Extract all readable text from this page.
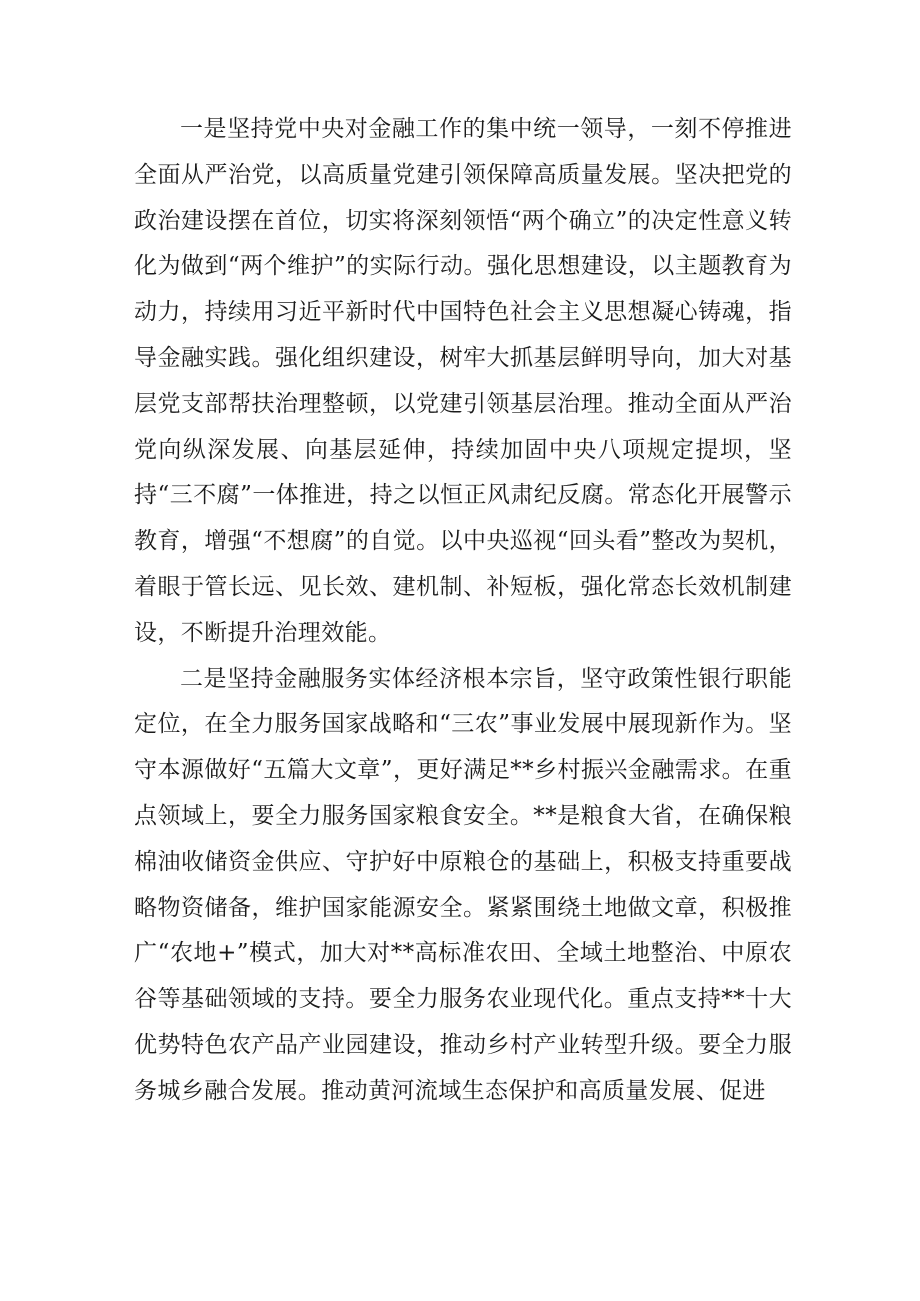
一是坚持党中央对金融工作的集中统一领导，一刻不停推进全面从严治党，以高质量党建引领保障高质量发展。坚决把党的政治建设摆在首位，切实将深刻领悟“两个确立”的决定性意义转化为做到“两个维护”的实际行动。强化思想建设，以主题教育为动力，持续用习近平新时代中国特色社会主义思想凝心铸魂，指导金融实践。强化组织建设，树牢大抓基层鲜明导向，加大对基层党支部帮扶治理整顿，以党建引领基层治理。推动全面从严治党向纵深发展、向基层延伸，持续加固中央八项规定提坝，坚持“三不腐”一体推进，持之以恒正风肃纪反腐。常态化开展警示教育，增强“不想腐”的自觉。以中央巡视“回头看”整改为契机，着眼于管长远、见长效、建机制、补短板，强化常态长效机制建设，不断提升治理效能。

二是坚持金融服务实体经济根本宗旨，坚守政策性银行职能定位，在全力服务国家战略和“三农”事业发展中展现新作为。坚守本源做好“五篇大文章”，更好满足**乡村振兴金融需求。在重点领域上，要全力服务国家粮食安全。**是粮食大省，在确保粮棉油收储资金供应、守护好中原粮仓的基础上，积极支持重要战略物资储备，维护国家能源安全。紧紧围绕土地做文章，积极推广“农地+”模式，加大对**高标准农田、全域土地整治、中原农谷等基础领域的支持。要全力服务农业现代化。重点支持**十大优势特色农产品产业园建设，推动乡村产业转型升级。要全力服务城乡融合发展。推动黄河流域生态保护和高质量发展、促进
